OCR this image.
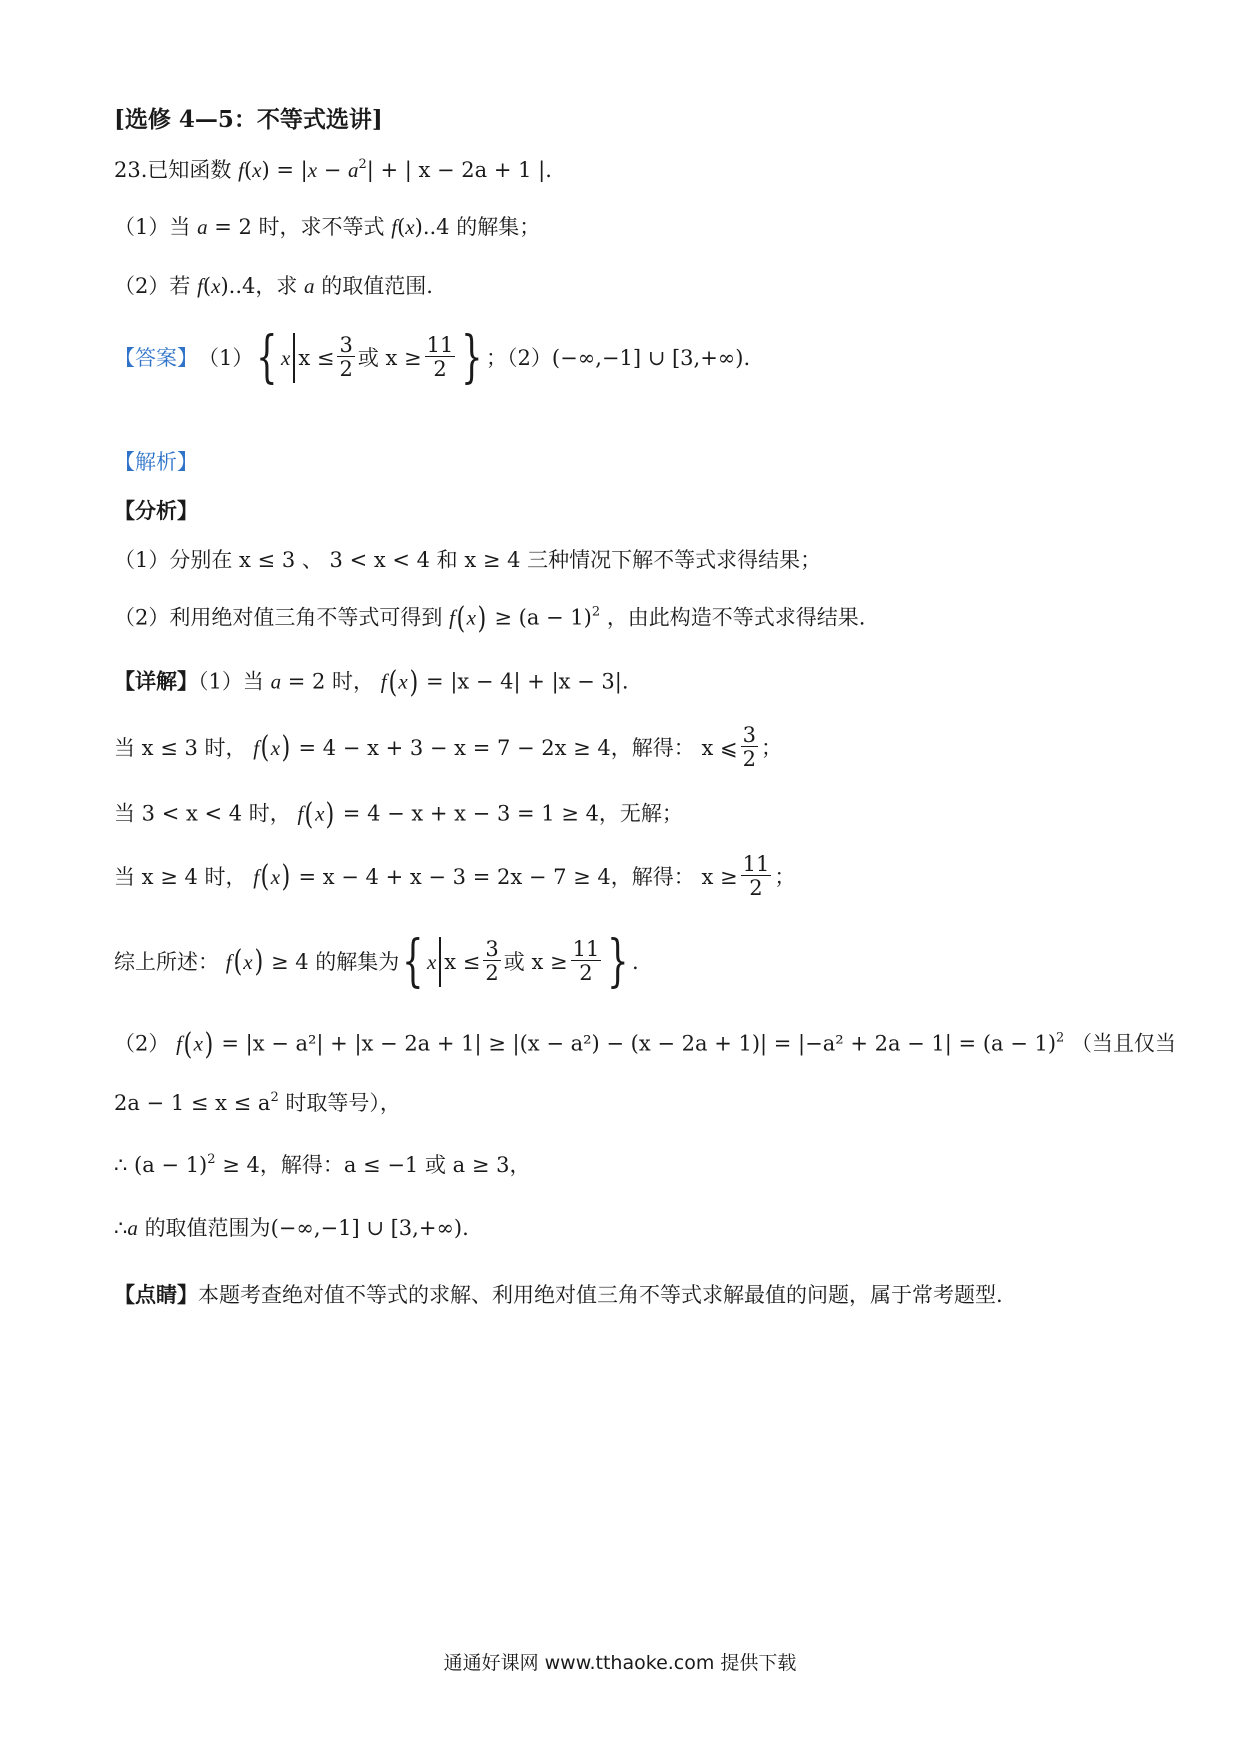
[选修 4—5：不等式选讲]
23.已知函数 $f(x) = |x - a^2|$ + | x − 2a + 1 |.
（1）当 a = 2 时，求不等式 f(x)..4 的解集；
（2）若 f(x)..4，求 a 的取值范围.
【答案】 （1） { x $x \le \frac{3}{2}$ 或
$x \ge \frac{11}{2}$ } ；（2） (−∞,−1] ∪ [3,+∞).
【解析】
【分析】
（1）分别在 x ≤ 3 、 3 < x < 4 和 x ≥ 4 三种情况下解不等式求得结果；
（2）利用绝对值三角不等式可得到 $f(x) \ge (a - 1)^2$ ，由此构造不等式求得结果.
【详解】（1）当 a = 2 时， f(x) = |x − 4| + |x − 3|.
当 x ≤ 3 时，
f ( x )
= 4 − x + 3 − x = 7 − 2x ≥ 4，解得：
x ⩽ $\frac{3}{2}$ ；
当 3 < x < 4 时， f(x) = 4 − x + x − 3 = 1 ≥ 4，无解；
当 x ≥ 4 时，
f ( x )
= x − 4 + x − 3 = 2x − 7 ≥ 4，解得：
$x \ge \frac{11}{2}$ ；
综上所述：
f ( x )
≥ 4 的解集为 { x $x \le \frac{3}{2}$ 或
$x \ge \frac{11}{2}$ } .
（2） $f(x) = |x - a^2| + |x - 2a + 1| \ge |(x - a^2) - (x - 2a + 1)| = |-a^2 + 2a - 1| = (a - 1)^2$ （当且仅当
$2a - 1 \le x \le a^2$ 时取等号），
∴ $(a - 1)^2 \ge 4$，解得：a ≤ −1 或 a ≥ 3，
∴a 的取值范围为(−∞,−1] ∪ [3,+∞).
【点睛】本题考查绝对值不等式的求解、利用绝对值三角不等式求解最值的问题，属于常考题型.
通通好课网 www.tthaoke.com 提供下载
